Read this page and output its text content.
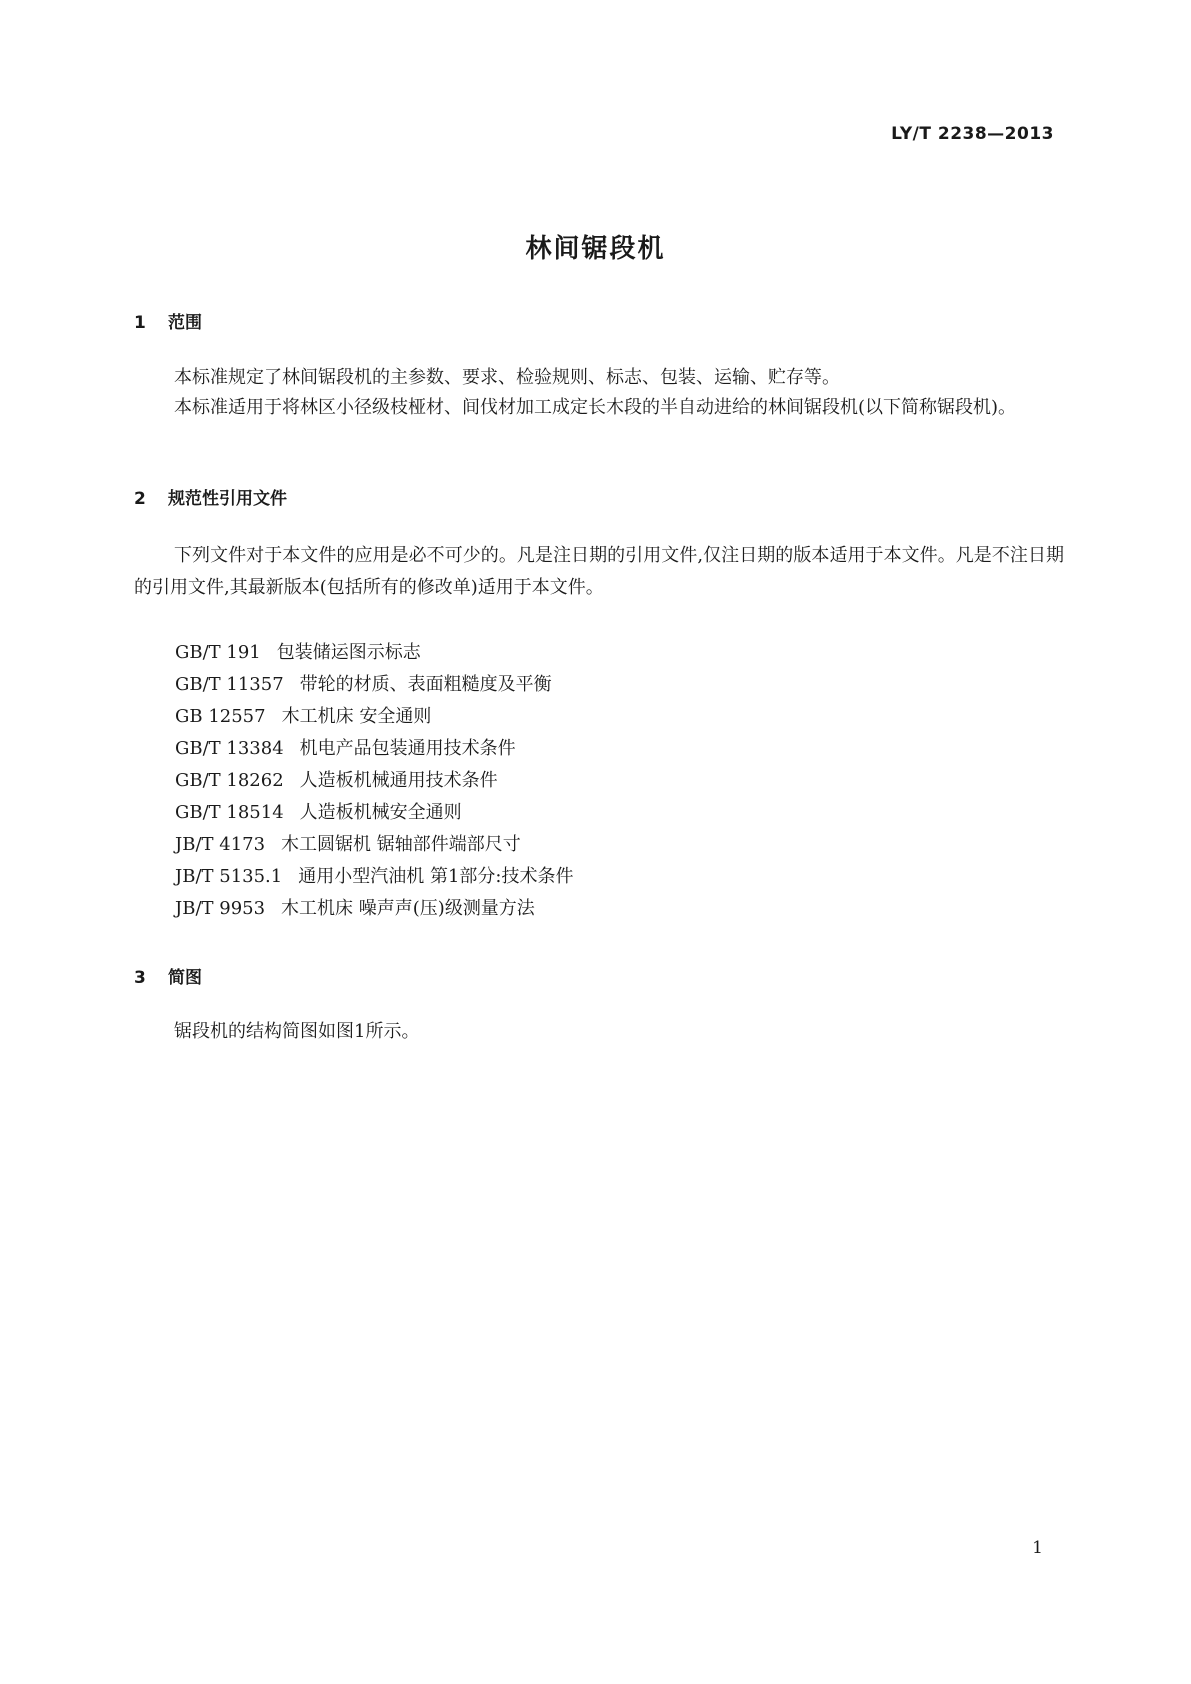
LY/T 2238—2013
林间锯段机
1 范围

本标准规定了林间锯段机的主参数、要求、检验规则、标志、包装、运输、贮存等。

本标准适用于将林区小径级枝桠材、间伐材加工成定长木段的半自动进给的林间锯段机(以下简称锯段机)。

2 规范性引用文件

下列文件对于本文件的应用是必不可少的。凡是注日期的引用文件,仅注日期的版本适用于本文件。凡是不注日期的引用文件,其最新版本(包括所有的修改单)适用于本文件。

GB/T 191 包装储运图示标志
GB/T 11357 带轮的材质、表面粗糙度及平衡
GB 12557 木工机床 安全通则
GB/T 13384 机电产品包装通用技术条件
GB/T 18262 人造板机械通用技术条件
GB/T 18514 人造板机械安全通则
JB/T 4173 木工圆锯机 锯轴部件端部尺寸
JB/T 5135.1 通用小型汽油机 第1部分:技术条件
JB/T 9953 木工机床 噪声声(压)级测量方法
3 简图

锯段机的结构简图如图1所示。

1
